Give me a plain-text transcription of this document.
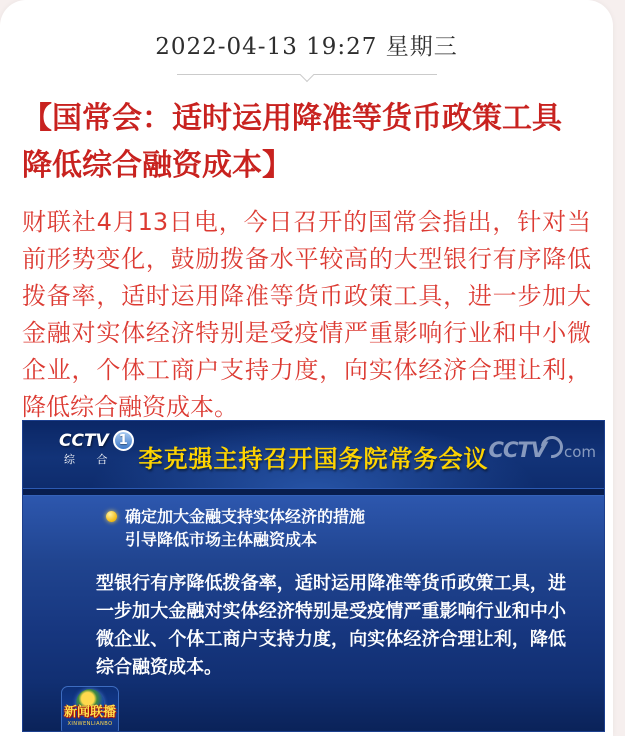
2022-04-13 19:27 星期三
【国常会：适时运用降准等货币政策工具降低综合融资成本】
财联社4月13日电，今日召开的国常会指出，针对当前形势变化，鼓励拨备水平较高的大型银行有序降低拨备率，适时运用降准等货币政策工具，进一步加大金融对实体经济特别是受疫情严重影响行业和中小微企业，个体工商户支持力度，向实体经济合理让利，降低综合融资成本。
CCTV 1
综 合 李克强主持召开国务院常务会议 CCTV com
确定加大金融支持实体经济的措施
引导降低市场主体融资成本
型银行有序降低拨备率，适时运用降准等货币政策工具，进一步加大金融对实体经济特别是受疫情严重影响行业和中小微企业、个体工商户支持力度，向实体经济合理让利，降低综合融资成本。
新闻联播
XINWENLIANBO
